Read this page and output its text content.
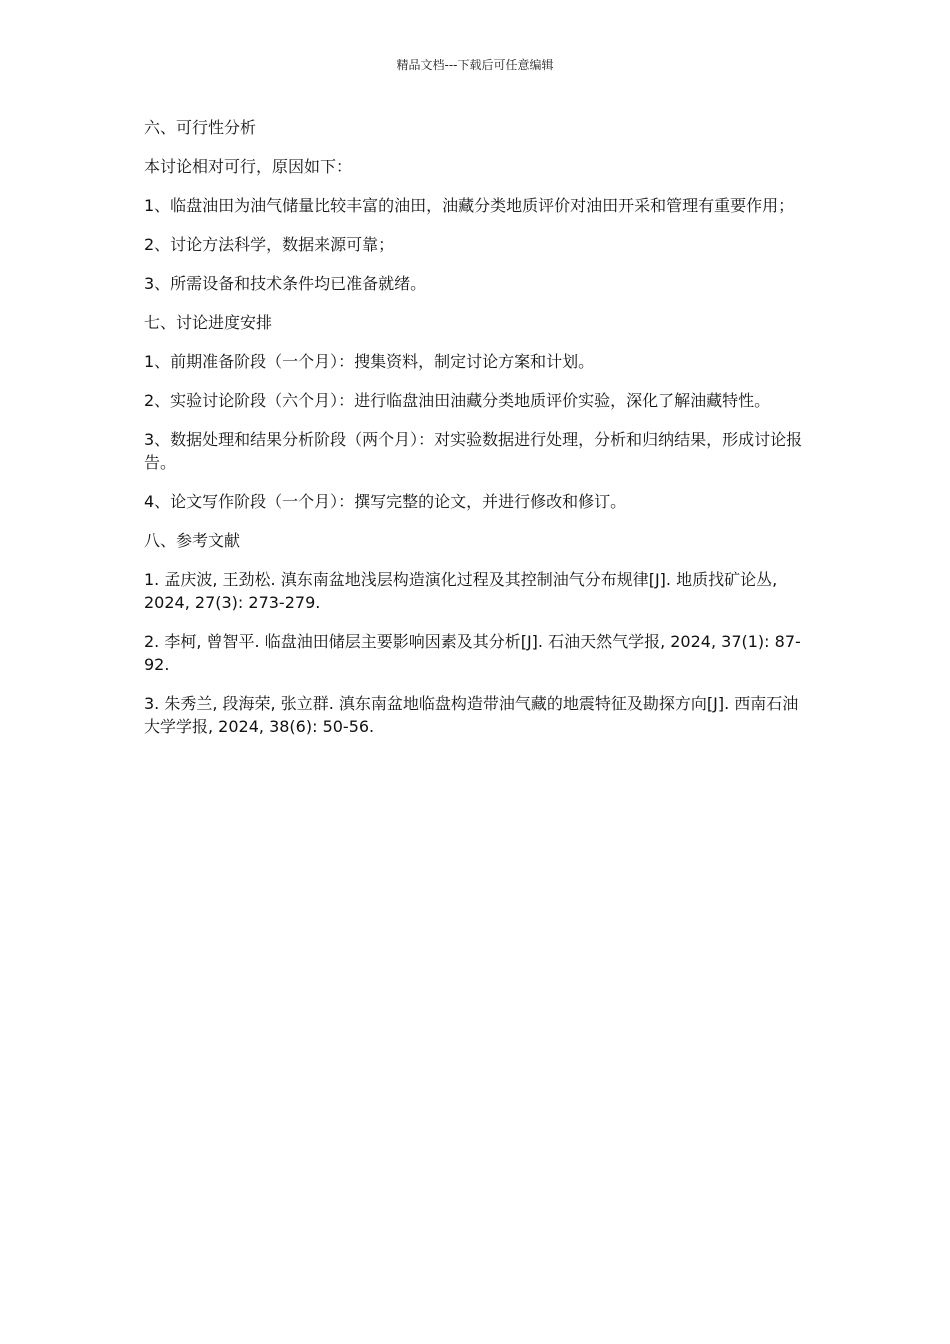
精品文档---下载后可任意编辑

六、可行性分析

本讨论相对可行，原因如下：

1、临盘油田为油气储量比较丰富的油田，油藏分类地质评价对油田开采和管理有重要作用；

2、讨论方法科学，数据来源可靠；

3、所需设备和技术条件均已准备就绪。

七、讨论进度安排

1、前期准备阶段（一个月）：搜集资料，制定讨论方案和计划。

2、实验讨论阶段（六个月）：进行临盘油田油藏分类地质评价实验，深化了解油藏特性。

3、数据处理和结果分析阶段（两个月）：对实验数据进行处理，分析和归纳结果，形成讨论报告。

4、论文写作阶段（一个月）：撰写完整的论文，并进行修改和修订。

八、参考文献

1. 孟庆波, 王劲松. 滇东南盆地浅层构造演化过程及其控制油气分布规律[J]. 地质找矿论丛, 2024, 27(3): 273-279.

2. 李柯, 曾智平. 临盘油田储层主要影响因素及其分析[J]. 石油天然气学报, 2024, 37(1): 87-92.

3. 朱秀兰, 段海荣, 张立群. 滇东南盆地临盘构造带油气藏的地震特征及勘探方向[J]. 西南石油大学学报, 2024, 38(6): 50-56.
